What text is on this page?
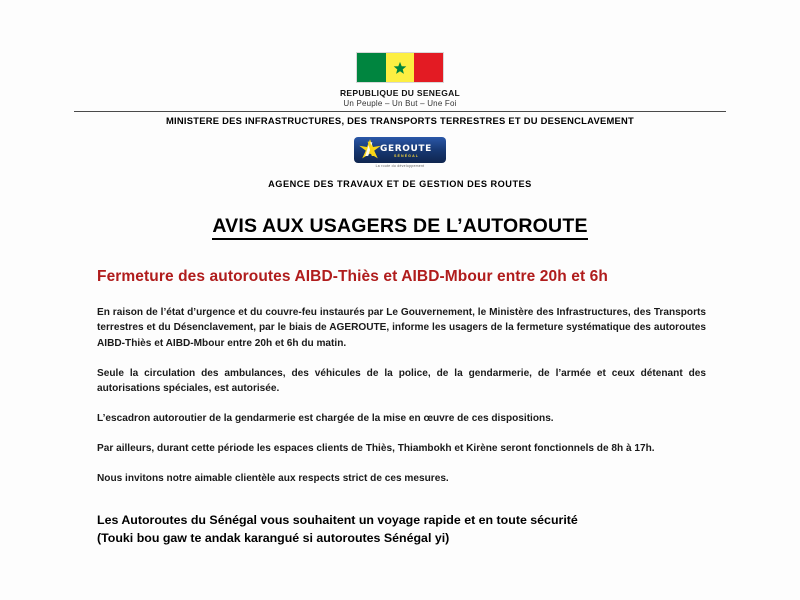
REPUBLIQUE DU SENEGAL
Un Peuple – Un But – Une Foi
MINISTERE DES INFRASTRUCTURES, DES TRANSPORTS TERRESTRES ET DU DESENCLAVEMENT
GEROUTE
SÉNÉGAL
La route du développement
AGENCE DES TRAVAUX ET DE GESTION DES ROUTES
AVIS AUX USAGERS DE L’AUTOROUTE
Fermeture des autoroutes AIBD-Thiès et AIBD-Mbour entre 20h et 6h

En raison de l’état d’urgence et du couvre-feu instaurés par Le Gouvernement, le Ministère des Infrastructures, des Transports terrestres et du Désenclavement, par le biais de AGEROUTE, informe les usagers de la fermeture systématique des autoroutes AIBD-Thiès et AIBD-Mbour entre 20h et 6h du matin.

Seule la circulation des ambulances, des véhicules de la police, de la gendarmerie, de l’armée et ceux détenant des autorisations spéciales, est autorisée.

L’escadron autoroutier de la gendarmerie est chargée de la mise en œuvre de ces dispositions.

Par ailleurs, durant cette période les espaces clients de Thiès, Thiambokh et Kirène seront fonctionnels de 8h à 17h.

Nous invitons notre aimable clientèle aux respects strict de ces mesures.

Les Autoroutes du Sénégal vous souhaitent un voyage rapide et en toute sécurité
(Touki bou gaw te andak karangué si autoroutes Sénégal yi)
